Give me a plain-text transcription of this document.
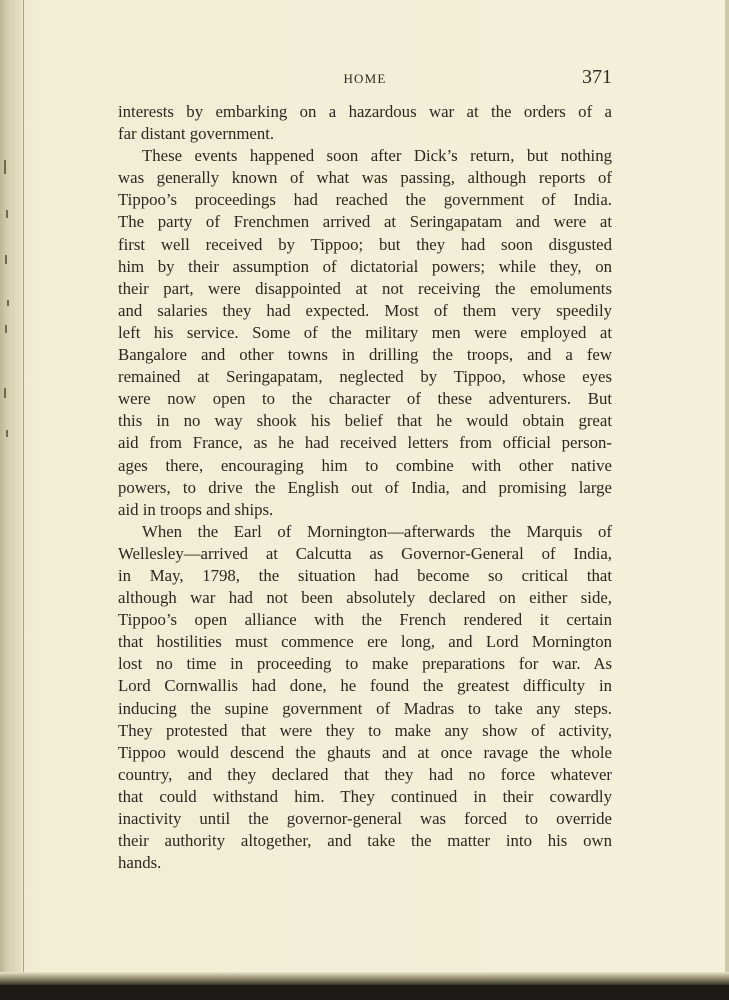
HOME	371
interests by embarking on a hazardous war at the orders of a
far distant government.
These events happened soon after Dick’s return, but nothing
was generally known of what was passing, although reports of
Tippoo’s proceedings had reached the government of India.
The party of Frenchmen arrived at Seringapatam and were at
first well received by Tippoo; but they had soon disgusted
him by their assumption of dictatorial powers; while they, on
their part, were disappointed at not receiving the emoluments
and salaries they had expected. Most of them very speedily
left his service. Some of the military men were employed at
Bangalore and other towns in drilling the troops, and a few
remained at Seringapatam, neglected by Tippoo, whose eyes
were now open to the character of these adventurers. But
this in no way shook his belief that he would obtain great
aid from France, as he had received letters from official person-
ages there, encouraging him to combine with other native
powers, to drive the English out of India, and promising large
aid in troops and ships.
When the Earl of Mornington—afterwards the Marquis of
Wellesley—arrived at Calcutta as Governor-General of India,
in May, 1798, the situation had become so critical that
although war had not been absolutely declared on either side,
Tippoo’s open alliance with the French rendered it certain
that hostilities must commence ere long, and Lord Mornington
lost no time in proceeding to make preparations for war. As
Lord Cornwallis had done, he found the greatest difficulty in
inducing the supine government of Madras to take any steps.
They protested that were they to make any show of activity,
Tippoo would descend the ghauts and at once ravage the whole
country, and they declared that they had no force whatever
that could withstand him. They continued in their cowardly
inactivity until the governor-general was forced to override
their authority altogether, and take the matter into his own
hands.
